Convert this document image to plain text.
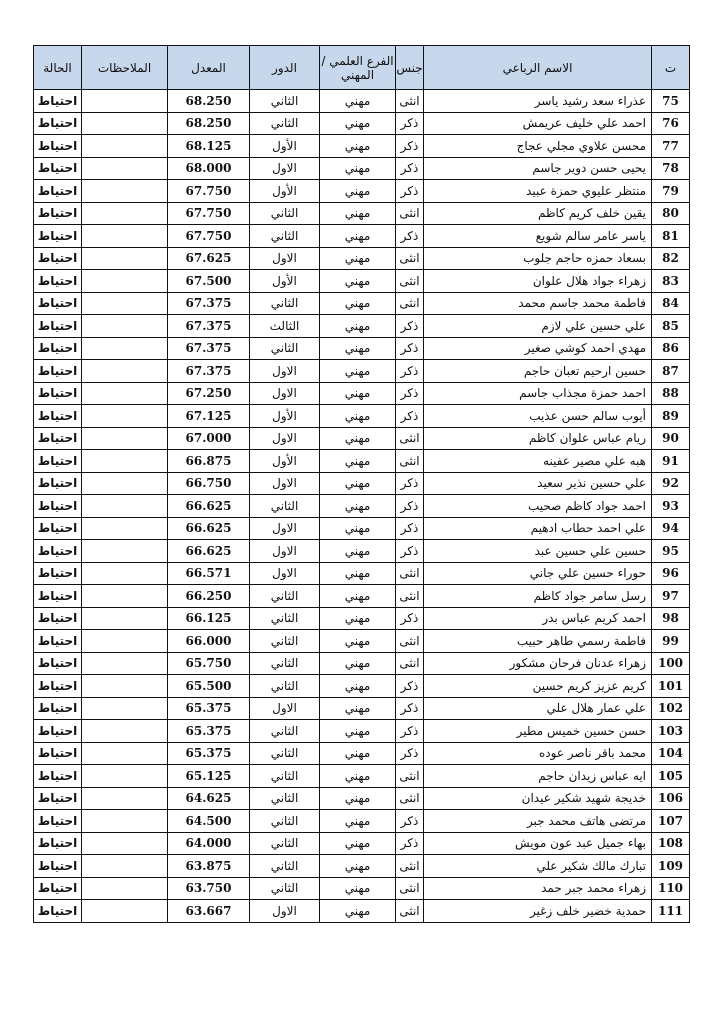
ت	الاسم الرباعي	جنس	الفرع العلمي / المهني	الدور	المعدل	الملاحظات	الحالة
75	عذراء سعد رشيد ياسر	انثى	مهني	الثاني	68.250		احتياط
76	احمد علي خليف عريمش	ذكر	مهني	الثاني	68.250		احتياط
77	محسن علاوي مجلي عجاج	ذكر	مهني	الأول	68.125		احتياط
78	يحيى حسن دوير جاسم	ذكر	مهني	الاول	68.000		احتياط
79	منتظر عليوي حمزة عبيد	ذكر	مهني	الأول	67.750		احتياط
80	يقين خلف كريم كاظم	انثى	مهني	الثاني	67.750		احتياط
81	ياسر عامر سالم شويع	ذكر	مهني	الثاني	67.750		احتياط
82	بسعاد حمزه حاجم جلوب	انثى	مهني	الاول	67.625		احتياط
83	زهراء جواد هلال علوان	انثى	مهني	الأول	67.500		احتياط
84	فاطمة محمد جاسم محمد	انثى	مهني	الثاني	67.375		احتياط
85	علي حسين علي لازم	ذكر	مهني	الثالث	67.375		احتياط
86	مهدي احمد كوشي صغير	ذكر	مهني	الثاني	67.375		احتياط
87	حسين ارحيم تعبان حاجم	ذكر	مهني	الاول	67.375		احتياط
88	احمد حمزة مجذاب جاسم	ذكر	مهني	الاول	67.250		احتياط
89	أيوب سالم حسن عذيب	ذكر	مهني	الأول	67.125		احتياط
90	ريام عباس علوان كاظم	انثى	مهني	الاول	67.000		احتياط
91	هبه علي مصير عفينه	انثى	مهني	الأول	66.875		احتياط
92	علي حسين نذير سعيد	ذكر	مهني	الاول	66.750		احتياط
93	احمد جواد كاظم صحيب	ذكر	مهني	الثاني	66.625		احتياط
94	علي احمد حطاب ادهيم	ذكر	مهني	الاول	66.625		احتياط
95	حسين علي حسين عبد	ذكر	مهني	الاول	66.625		احتياط
96	حوراء حسين علي جاني	انثى	مهني	الاول	66.571		احتياط
97	رسل سامر جواد كاظم	انثى	مهني	الثاني	66.250		احتياط
98	احمد كريم عباس بدر	ذكر	مهني	الثاني	66.125		احتياط
99	فاطمة رسمي طاهر حبيب	انثى	مهني	الثاني	66.000		احتياط
100	زهراء عدنان فرحان مشكور	انثى	مهني	الثاني	65.750		احتياط
101	كريم عزيز كريم حسين	ذكر	مهني	الثاني	65.500		احتياط
102	علي عمار هلال علي	ذكر	مهني	الاول	65.375		احتياط
103	حسن حسين خميس مطير	ذكر	مهني	الثاني	65.375		احتياط
104	محمد باقر ناصر عوده	ذكر	مهني	الثاني	65.375		احتياط
105	ايه عباس زيدان حاجم	انثى	مهني	الثاني	65.125		احتياط
106	خديجة شهيد شكير عيدان	انثى	مهني	الثاني	64.625		احتياط
107	مرتضى هاتف محمد جبر	ذكر	مهني	الثاني	64.500		احتياط
108	بهاء جميل عبد عون مويش	ذكر	مهني	الثاني	64.000		احتياط
109	تبارك مالك شكير علي	انثى	مهني	الثاني	63.875		احتياط
110	زهراء محمد جبر حمد	انثى	مهني	الثاني	63.750		احتياط
111	حمدية خضير خلف زغير	انثى	مهني	الاول	63.667		احتياط
